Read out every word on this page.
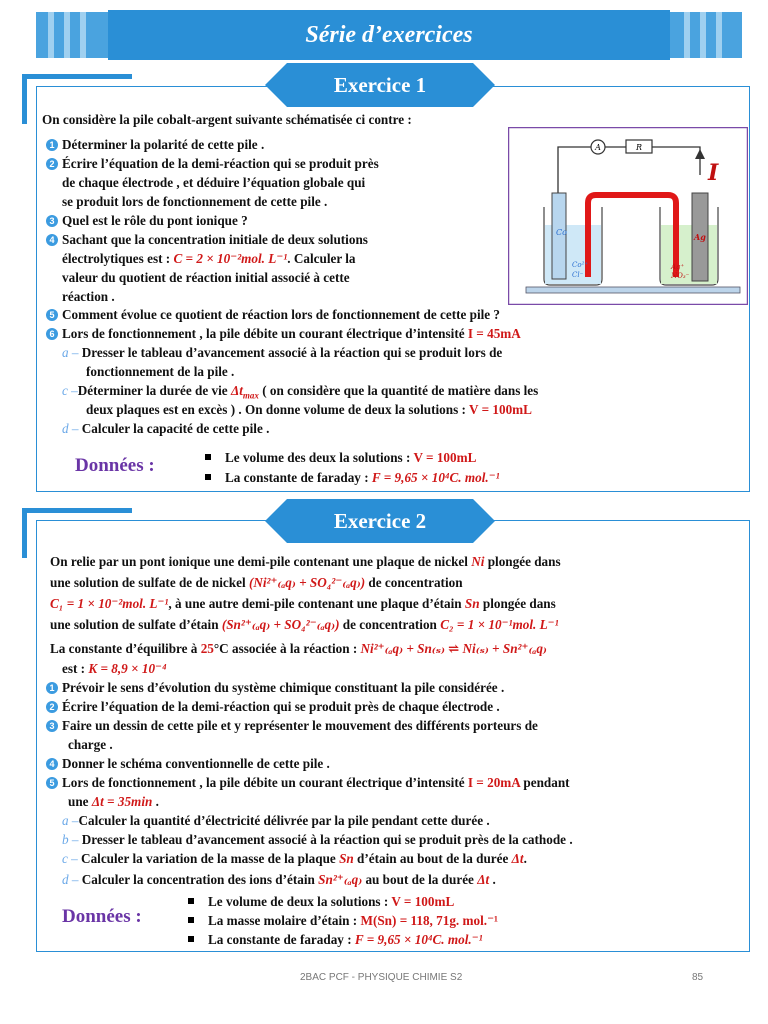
Série d’exercices
Exercice 1
On considère la pile cobalt-argent suivante schématisée ci contre :
1 Déterminer la polarité de cette pile .
2 Écrire l’équation de la demi-réaction qui se produit près
de chaque électrode , et déduire l’équation globale qui
se produit lors de fonctionnement de cette pile .
3 Quel est le rôle du pont ionique ?
4 Sachant que la concentration initiale de deux solutions
électrolytiques est : C = 2 × 10⁻²mol. L⁻¹. Calculer la
valeur du quotient de réaction initial associé à cette
réaction .
5 Comment évolue ce quotient de réaction lors de fonctionnement de cette pile ?
6 Lors de fonctionnement , la pile débite un courant électrique d’intensité I = 45mA
a – Dresser le tableau d’avancement associé à la réaction qui se produit lors de
fonctionnement de la pile .
c –Déterminer la durée de vie $\Delta t_{max}$ ( on considère que la quantité de matière dans les
deux plaques est en excès ) . On donne volume de deux la solutions : V = 100mL
d – Calculer la capacité de cette pile .
Données :	Le volume des deux la solutions : V = 100mL
La constante de faraday : F = 9,65 × 10⁴C. mol.⁻¹
A	R
I
Co	Ag
Co²⁺
Cl⁻
Ag⁺
NO₃⁻
Exercice 2
On relie par un pont ionique une demi-pile contenant une plaque de nickel Ni plongée dans
une solution de sulfate de de nickel (Ni²⁺₍ₐq₎ + SO₄²⁻₍ₐq₎) de concentration
C₁ = 1 × 10⁻²mol. L⁻¹, à une autre demi-pile contenant une plaque d’étain Sn plongée dans
une solution de sulfate d’étain (Sn²⁺₍ₐq₎ + SO₄²⁻₍ₐq₎) de concentration C₂ = 1 × 10⁻¹mol. L⁻¹
La constante d’équilibre à 25°C associée à la réaction : Ni²⁺₍ₐq₎ + Sn₍ₛ₎ ⇌ Ni₍ₛ₎ + Sn²⁺₍ₐq₎
est : K = 8,9 × 10⁻⁴
1 Prévoir le sens d’évolution du système chimique constituant la pile considérée .
2 Écrire l’équation de la demi-réaction qui se produit près de chaque électrode .
3 Faire un dessin de cette pile et y représenter le mouvement des différents porteurs de
charge .
4 Donner le schéma conventionnelle de cette pile .
5 Lors de fonctionnement , la pile débite un courant électrique d’intensité I = 20mA pendant
une Δt = 35min .
a –Calculer la quantité d’électricité délivrée par la pile pendant cette durée .
b – Dresser le tableau d’avancement associé à la réaction qui se produit près de la cathode .
c – Calculer la variation de la masse de la plaque Sn d’étain au bout de la durée Δt.
d – Calculer la concentration des ions d’étain Sn²⁺₍ₐq₎ au bout de la durée Δt .
Données :
Le volume de deux la solutions : V = 100mL
La masse molaire d’étain : M(Sn) = 118, 71g. mol.⁻¹
La constante de faraday : F = 9,65 × 10⁴C. mol.⁻¹
2BAC PCF - PHYSIQUE CHIMIE S2	85
